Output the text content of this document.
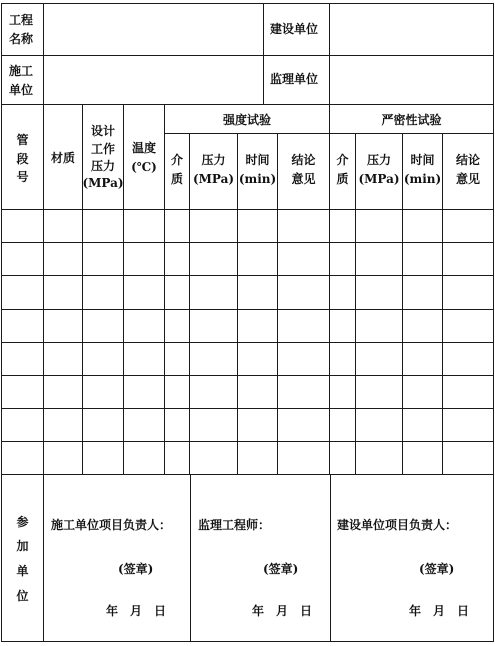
工程
名称
建设单位
施工
单位
监理单位
管
段
号
材质
设计
工作
压力
(MPa)
温度
(℃)
强度试验	严密性试验
介
质
压力
(MPa)
时间
(min)
结论
意见
介
质
压力
(MPa)
时间
(min)
结论
意见
参
加
单
位
施工单位项目负责人：
(签章)
年　月　日
监理工程师：
(签章)
年　月　日
建设单位项目负责人：
(签章)
年　月　日
